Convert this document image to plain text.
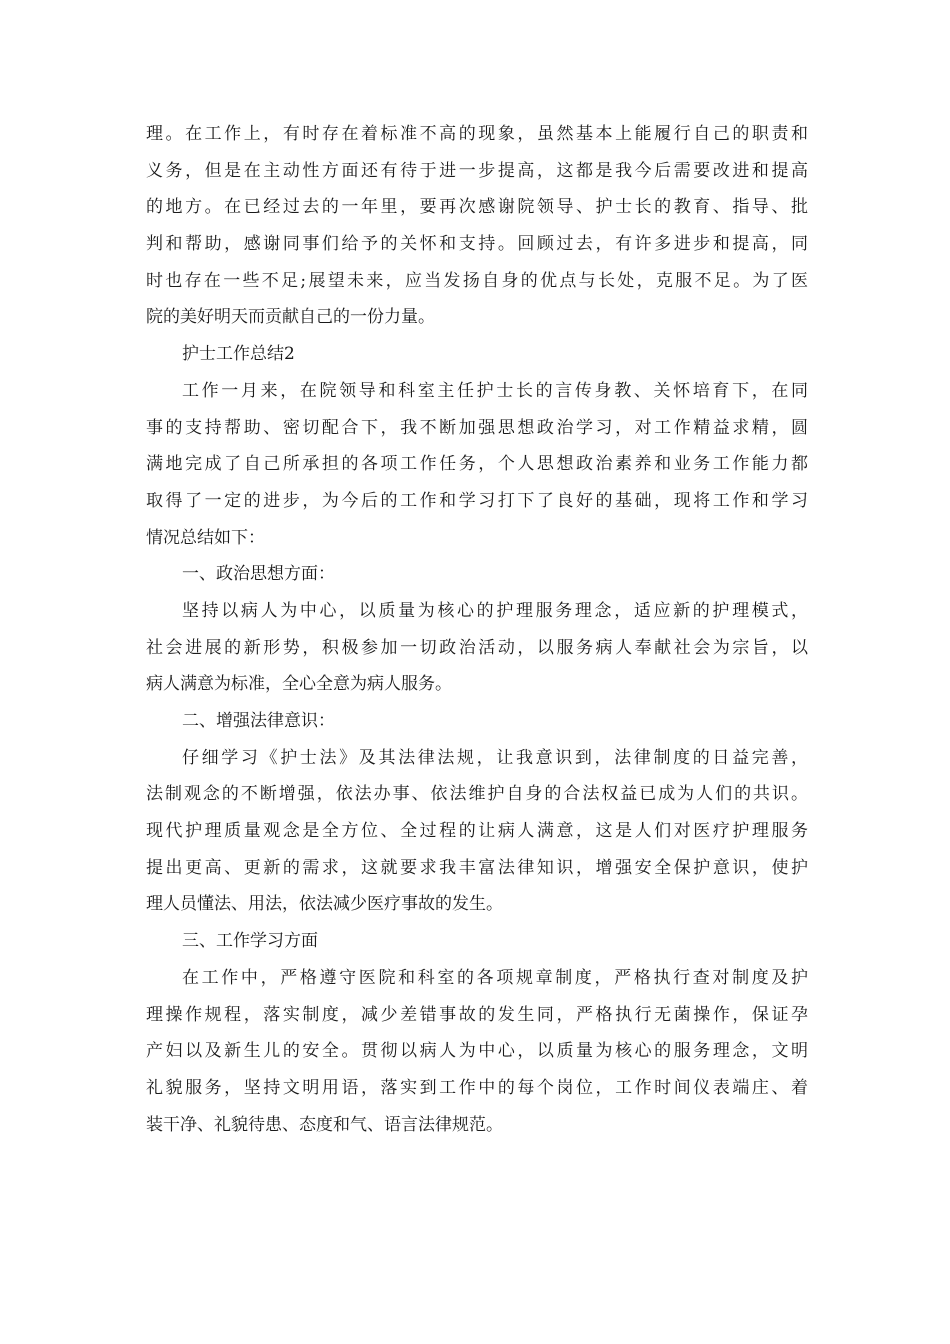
理。在工作上，有时存在着标准不高的现象，虽然基本上能履行自己的职责和
义务，但是在主动性方面还有待于进一步提高，这都是我今后需要改进和提高
的地方。在已经过去的一年里，要再次感谢院领导、护士长的教育、指导、批
判和帮助，感谢同事们给予的关怀和支持。回顾过去，有许多进步和提高，同
时也存在一些不足;展望未来，应当发扬自身的优点与长处，克服不足。为了医
院的美好明天而贡献自己的一份力量。
护士工作总结2
工作一月来，在院领导和科室主任护士长的言传身教、关怀培育下，在同
事的支持帮助、密切配合下，我不断加强思想政治学习，对工作精益求精，圆
满地完成了自己所承担的各项工作任务，个人思想政治素养和业务工作能力都
取得了一定的进步，为今后的工作和学习打下了良好的基础，现将工作和学习
情况总结如下：
一、政治思想方面：
坚持以病人为中心，以质量为核心的护理服务理念，适应新的护理模式，
社会进展的新形势，积极参加一切政治活动，以服务病人奉献社会为宗旨，以
病人满意为标准，全心全意为病人服务。
二、增强法律意识：
仔细学习《护士法》及其法律法规，让我意识到，法律制度的日益完善，
法制观念的不断增强，依法办事、依法维护自身的合法权益已成为人们的共识。
现代护理质量观念是全方位、全过程的让病人满意，这是人们对医疗护理服务
提出更高、更新的需求，这就要求我丰富法律知识，增强安全保护意识，使护
理人员懂法、用法，依法减少医疗事故的发生。
三、工作学习方面
在工作中，严格遵守医院和科室的各项规章制度，严格执行查对制度及护
理操作规程，落实制度，减少差错事故的发生同，严格执行无菌操作，保证孕
产妇以及新生儿的安全。贯彻以病人为中心，以质量为核心的服务理念，文明
礼貌服务，坚持文明用语，落实到工作中的每个岗位，工作时间仪表端庄、着
装干净、礼貌待患、态度和气、语言法律规范。
